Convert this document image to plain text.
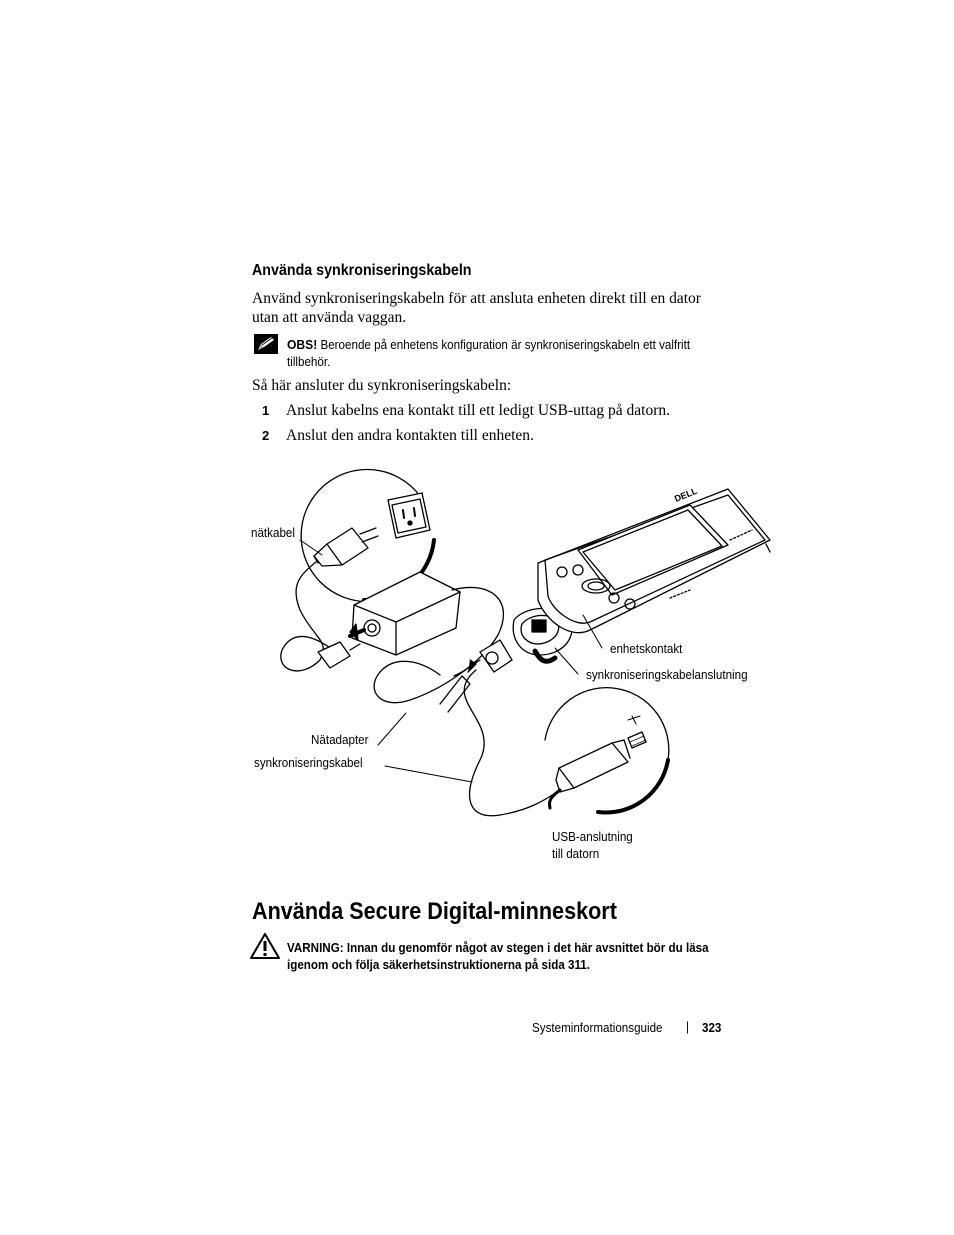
Använda synkroniseringskabeln
Använd synkroniseringskabeln för att ansluta enheten direkt till en dator
utan att använda vaggan.
OBS! Beroende på enhetens konfiguration är synkroniseringskabeln ett valfritt
tillbehör.
Så här ansluter du synkroniseringskabeln:
1 Anslut kabelns ena kontakt till ett ledigt USB-uttag på datorn.
2 Anslut den andra kontakten till enheten.
DELL
nätkabel
enhetskontakt
synkroniseringskabelanslutning
Nätadapter
synkroniseringskabel
USB-anslutning
till datorn
Använda Secure Digital-minneskort
VARNING: Innan du genomför något av stegen i det här avsnittet bör du läsa
igenom och följa säkerhetsinstruktionerna på sida 311.
Systeminformationsguide | 323
